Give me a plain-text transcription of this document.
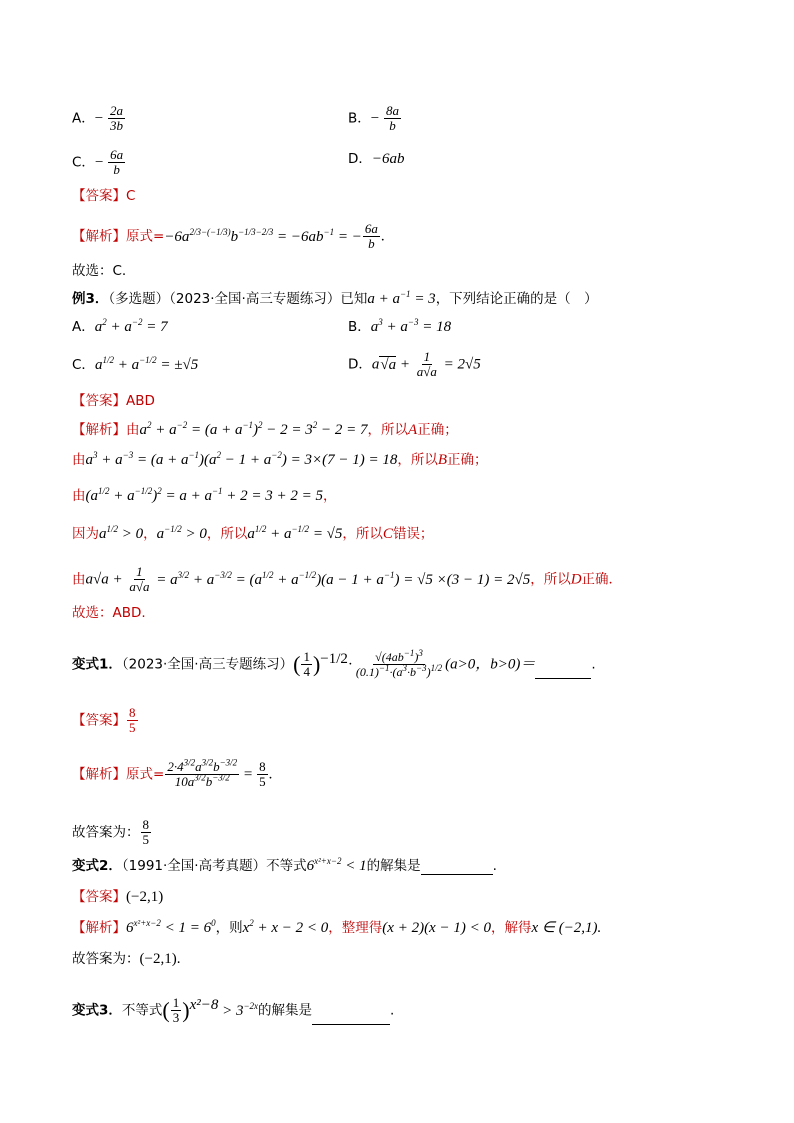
A．− $\frac{2a}{3b}$	B．− $\frac{8a}{b}$
C．− $\frac{6a}{b}$	D．−6ab
【答案】C
【解析】原式$=-6a^{2/3-(-1/3)}b^{-1/3-2/3} = -6ab^{-1}$ = − $\frac{6a}{b}$ .
故选：C.
例3．（多选题）（2023·全国·高三专题练习）已知$a + a^{-1} = 3$，下列结论正确的是（　）
A．$a^2 + a^{-2} = 7$	B．$a^3 + a^{-3} = 18$
C．$a^{1/2} + a^{-1/2} = \pm√5$	D．$a√a + \frac{1}{a√a} = 2√5$
【答案】ABD
【解析】由$a^2 + a^{-2} = (a + a^{-1})^2 - 2 = 3^2 - 2 = 7$，所以A正确；
由$a^3 + a^{-3} = (a + a^{-1})(a^2 - 1 + a^{-2}) = 3\times(7 - 1) = 18$，所以B正确；
由$(a^{1/2} + a^{-1/2})^2 = a + a^{-1} + 2 = 3 + 2 = 5$，
因为$a^{1/2} > 0$，$a^{-1/2} > 0$，所以$a^{1/2} + a^{-1/2} = √5$，所以C错误；
由$a√a + \frac{1}{a√a} = a^{3/2} + a^{-3/2} = (a^{1/2} + a^{-1/2})(a - 1 + a^{-1}) = √5 \times(3 - 1) = 2√5$，所以D正确．
故选：ABD.
变式1．（2023·全国·高三专题练习）( $\frac{1}{4} )^{-1/2}\cdot \frac{√(4ab^{-1})^3}{(0.1)^{-1}\cdot(a^3\cdot b^{-3})^{1/2}} (a>0$，b>0)＝	.
【答案】 $\frac{8}{5}$
【解析】原式= $\frac{2\cdot 4^{3/2}a^{3/2}b^{-3/2}}{10a^{3/2}b^{-3/2}} = \frac{8}{5}$ .
故答案为： $\frac{8}{5}$
变式2．（1991·全国·高考真题）不等式$6^{x^2+x-2} < 1$的解集是	.
【答案】(−2,1)
【解析】$6^{x^2+x-2} < 1 = 6^0$，则$x^2 + x - 2 < 0$，整理得(x + 2)(x − 1) < 0，解得x ∈ (−2,1).
故答案为：(−2,1).
变式3．不等式( $\frac{1}{3} )^{x^2-8} > 3^{-2x}$的解集是	.
